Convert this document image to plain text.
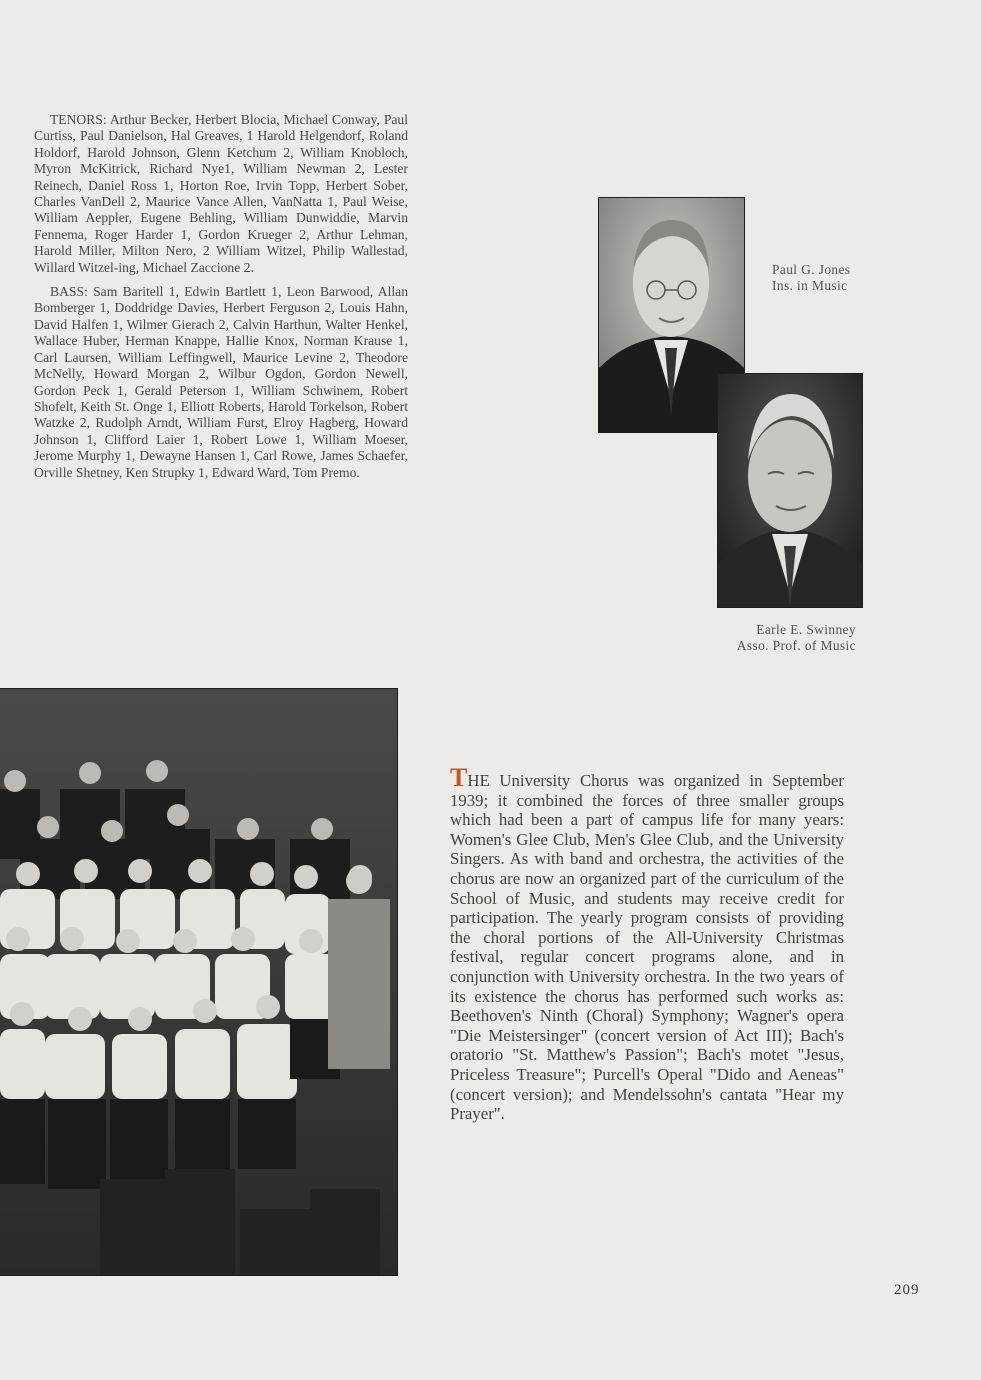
TENORS: Arthur Becker, Herbert Blocia, Michael Conway, Paul Curtiss, Paul Danielson, Hal Greaves, 1 Harold Helgendorf, Roland Holdorf, Harold Johnson, Glenn Ketchum 2, William Knobloch, Myron McKitrick, Richard Nye1, William Newman 2, Lester Reinech, Daniel Ross 1, Horton Roe, Irvin Topp, Herbert Sober, Charles VanDell 2, Maurice Vance Allen, VanNatta 1, Paul Weise, William Aeppler, Eugene Behling, William Dunwiddie, Marvin Fennema, Roger Harder 1, Gordon Krueger 2, Arthur Lehman, Harold Miller, Milton Nero, 2 William Witzel, Philip Wallestad, Willard Witzel-ing, Michael Zaccione 2.

BASS: Sam Baritell 1, Edwin Bartlett 1, Leon Barwood, Allan Bomberger 1, Doddridge Davies, Herbert Ferguson 2, Louis Hahn, David Halfen 1, Wilmer Gierach 2, Calvin Harthun, Walter Henkel, Wallace Huber, Herman Knappe, Hallie Knox, Norman Krause 1, Carl Laursen, William Leffingwell, Maurice Levine 2, Theodore McNelly, Howard Morgan 2, Wilbur Ogdon, Gordon Newell, Gordon Peck 1, Gerald Peterson 1, William Schwinem, Robert Shofelt, Keith St. Onge 1, Elliott Roberts, Harold Torkelson, Robert Watzke 2, Rudolph Arndt, William Furst, Elroy Hagberg, Howard Johnson 1, Clifford Laier 1, Robert Lowe 1, William Moeser, Jerome Murphy 1, Dewayne Hansen 1, Carl Rowe, James Schaefer, Orville Shetney, Ken Strupky 1, Edward Ward, Tom Premo.

Paul G. Jones
Ins. in Music
Earle E. Swinney
Asso. Prof. of Music
THE University Chorus was organized in September 1939; it combined the forces of three smaller groups which had been a part of campus life for many years: Women's Glee Club, Men's Glee Club, and the University Singers. As with band and orchestra, the activities of the chorus are now an organized part of the curriculum of the School of Music, and students may receive credit for participation. The yearly program consists of providing the choral portions of the All-University Christmas festival, regular concert programs alone, and in conjunction with University orchestra. In the two years of its existence the chorus has performed such works as: Beethoven's Ninth (Choral) Symphony; Wagner's opera "Die Meistersinger" (concert version of Act III); Bach's oratorio "St. Matthew's Passion"; Bach's motet "Jesus, Priceless Treasure"; Purcell's Operal "Dido and Aeneas" (concert version); and Mendelssohn's cantata "Hear my Prayer".
209
